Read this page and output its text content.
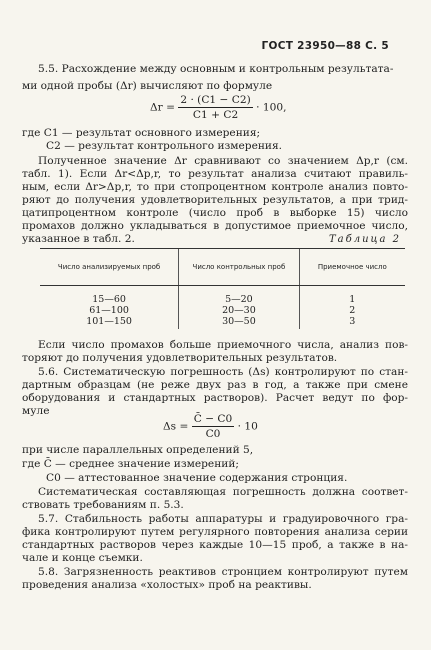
ГОСТ 23950—88 С. 5
5.5. Расхождение между основным и контрольным результата-
ми одной пробы (Δr) вычисляют по формуле
$\Delta r = \frac{2 \cdot (C1 - C2)}{C1 + C2} \cdot 100$,
где C1 — результат основного измерения;
C2 — результат контрольного измерения.
Полученное значение Δr сравнивают со значением Δр,r (см.
табл. 1). Если Δr<Δр,r, то результат анализа считают правиль-
ным, если Δr>Δр,r, то при стопроцентном контроле анализ повто-
ряют до получения удовлетворительных результатов, а при трид-
цатипроцентном контроле (число проб в выборке 15) число
промахов должно укладываться в допустимое приемочное число,
указанное в табл. 2.	Таблица 2
Число анализируемых проб	Число контрольных проб	Приемочное число
15—60	5—20	1
61—100	20—30	2
101—150	30—50	3
Если число промахов больше приемочного числа, анализ пов-
торяют до получения удовлетворительных результатов.
5.6. Систематическую погрешность (Δs) контролируют по стан-
дартным образцам (не реже двух раз в год, а также при смене
оборудования и стандартных растворов). Расчет ведут по фор-
муле
$\Delta s = \frac{C̄ - C0}{C0} \cdot 10$
при числе параллельных определений 5,
где C̄ — среднее значение измерений;
C0 — аттестованное значение содержания стронция.
Систематическая составляющая погрешность должна соответ-
ствовать требованиям п. 5.3.
5.7. Стабильность работы аппаратуры и градуировочного гра-
фика контролируют путем регулярного повторения анализа серии
стандартных растворов через каждые 10—15 проб, а также в на-
чале и конце съемки.
5.8. Загрязненность реактивов стронцием контролируют путем
проведения анализа «холостых» проб на реактивы.
